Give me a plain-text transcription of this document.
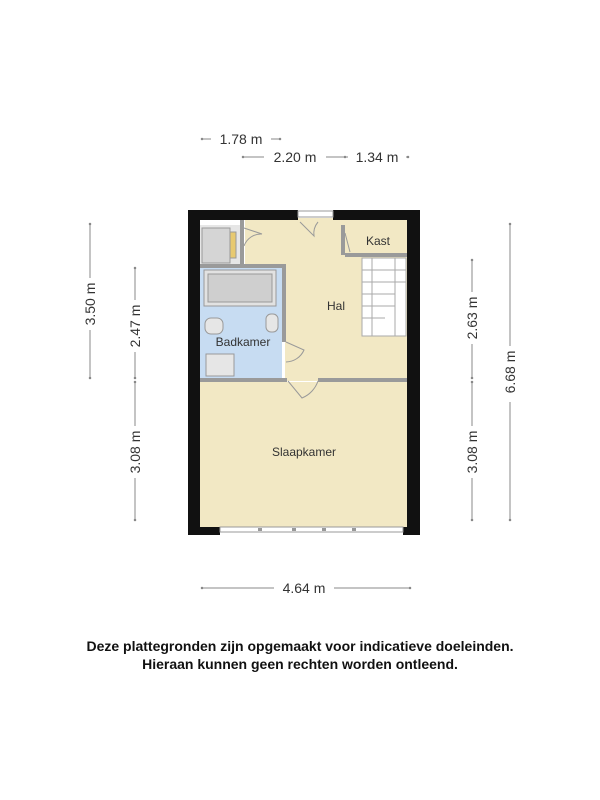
Kast
Hal
Badkamer
Slaapkamer
1.78 m
2.20 m	1.34 m
3.50 m
2.47 m
3.08 m
2.63 m
3.08 m
6.68 m
4.64 m
Deze plattegronden zijn opgemaakt voor indicatieve doeleinden.
Hieraan kunnen geen rechten worden ontleend.
